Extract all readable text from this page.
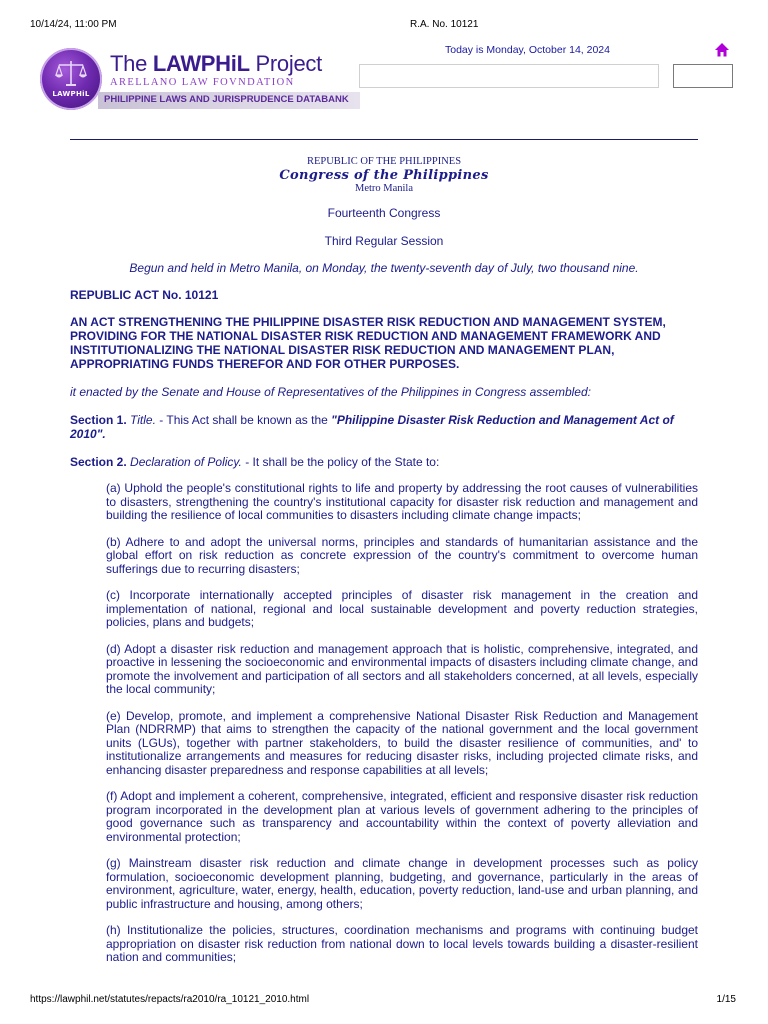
10/14/24, 11:00 PM	R.A. No. 10121
LAWPHiL
The LAWPHiL Project
ARELLANO LAW FOVNDATION
PHILIPPINE LAWS AND JURISPRUDENCE DATABANK
Today is Monday, October 14, 2024
REPUBLIC OF THE PHILIPPINES
Congress of the Philippines
Metro Manila
Fourteenth Congress
Third Regular Session
Begun and held in Metro Manila, on Monday, the twenty-seventh day of July, two thousand nine.
REPUBLIC ACT No. 10121
AN ACT STRENGTHENING THE PHILIPPINE DISASTER RISK REDUCTION AND MANAGEMENT SYSTEM, PROVIDING FOR THE NATIONAL DISASTER RISK REDUCTION AND MANAGEMENT FRAMEWORK AND INSTITUTIONALIZING THE NATIONAL DISASTER RISK REDUCTION AND MANAGEMENT PLAN, APPROPRIATING FUNDS THEREFOR AND FOR OTHER PURPOSES.
it enacted by the Senate and House of Representatives of the Philippines in Congress assembled:
Section 1. Title. - This Act shall be known as the "Philippine Disaster Risk Reduction and Management Act of 2010".
Section 2. Declaration of Policy. - It shall be the policy of the State to:
(a) Uphold the people's constitutional rights to life and property by addressing the root causes of vulnerabilities to disasters, strengthening the country's institutional capacity for disaster risk reduction and management and building the resilience of local communities to disasters including climate change impacts;
(b) Adhere to and adopt the universal norms, principles and standards of humanitarian assistance and the global effort on risk reduction as concrete expression of the country's commitment to overcome human sufferings due to recurring disasters;
(c) Incorporate internationally accepted principles of disaster risk management in the creation and implementation of national, regional and local sustainable development and poverty reduction strategies, policies, plans and budgets;
(d) Adopt a disaster risk reduction and management approach that is holistic, comprehensive, integrated, and proactive in lessening the socioeconomic and environmental impacts of disasters including climate change, and promote the involvement and participation of all sectors and all stakeholders concerned, at all levels, especially the local community;
(e) Develop, promote, and implement a comprehensive National Disaster Risk Reduction and Management Plan (NDRRMP) that aims to strengthen the capacity of the national government and the local government units (LGUs), together with partner stakeholders, to build the disaster resilience of communities, and' to institutionalize arrangements and measures for reducing disaster risks, including projected climate risks, and enhancing disaster preparedness and response capabilities at all levels;
(f) Adopt and implement a coherent, comprehensive, integrated, efficient and responsive disaster risk reduction program incorporated in the development plan at various levels of government adhering to the principles of good governance such as transparency and accountability within the context of poverty alleviation and environmental protection;
(g) Mainstream disaster risk reduction and climate change in development processes such as policy formulation, socioeconomic development planning, budgeting, and governance, particularly in the areas of environment, agriculture, water, energy, health, education, poverty reduction, land-use and urban planning, and public infrastructure and housing, among others;
(h) Institutionalize the policies, structures, coordination mechanisms and programs with continuing budget appropriation on disaster risk reduction from national down to local levels towards building a disaster-resilient nation and communities;
https://lawphil.net/statutes/repacts/ra2010/ra_10121_2010.html	1/15
